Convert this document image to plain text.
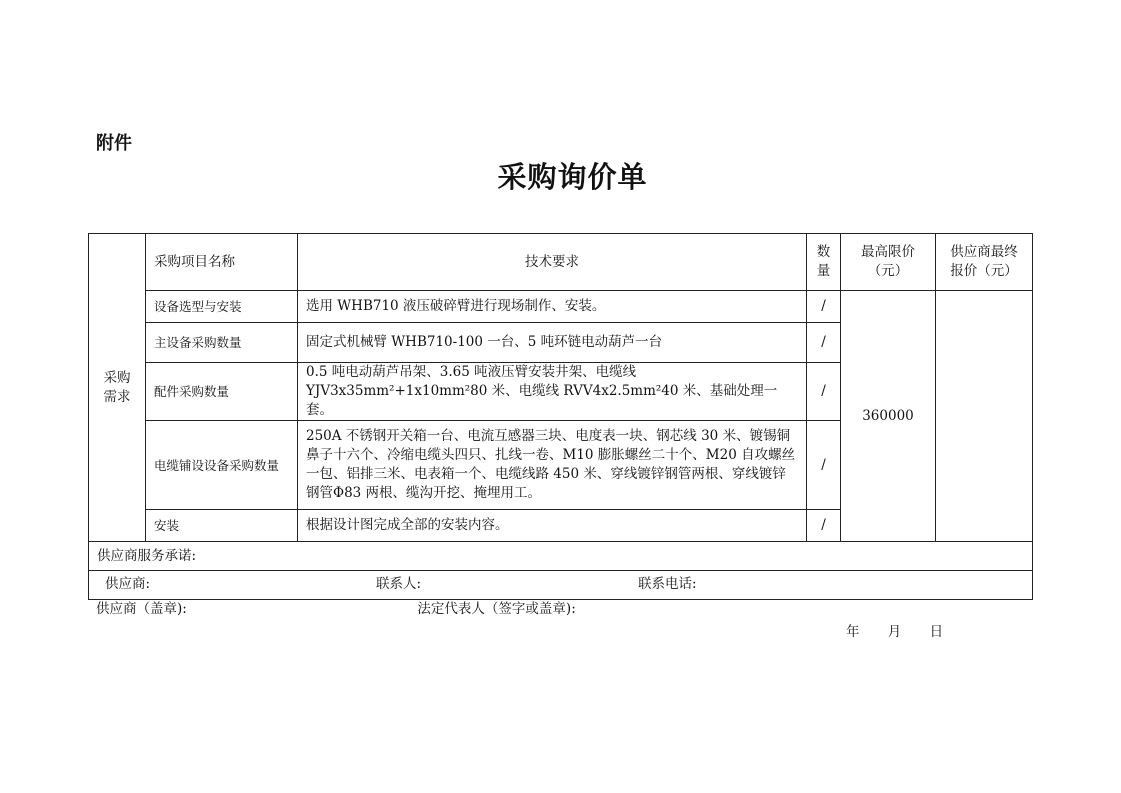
附件
采购询价单
采购需求	采购项目名称	技术要求	数量	最高限价（元）	供应商最终报价（元）
	设备选型与安装	选用 WHB710 液压破碎臂进行现场制作、安装。	/	360000	
	主设备采购数量	固定式机械臂 WHB710-100 一台、5 吨环链电动葫芦一台	/		
	配件采购数量	0.5 吨电动葫芦吊架、3.65 吨液压臂安装井架、电缆线 YJV3x35mm²+1x10mm²80 米、电缆线 RVV4x2.5mm²40 米、基础处理一套。	/		
	电缆铺设设备采购数量	250A 不锈钢开关箱一台、电流互感器三块、电度表一块、钢芯线 30 米、镀锡铜鼻子十六个、冷缩电缆头四只、扎线一卷、M10 膨胀螺丝二十个、M20 自攻螺丝一包、铝排三米、电表箱一个、电缆线路 450 米、穿线镀锌钢管两根、穿线镀锌钢管Φ83 两根、缆沟开挖、掩埋用工。	/		
	安装	根据设计图完成全部的安装内容。	/		
供应商服务承诺:					

供应商: 联系人: 联系电话:					
供应商（盖章):	法定代表人（签字或盖章):
年 月 日
